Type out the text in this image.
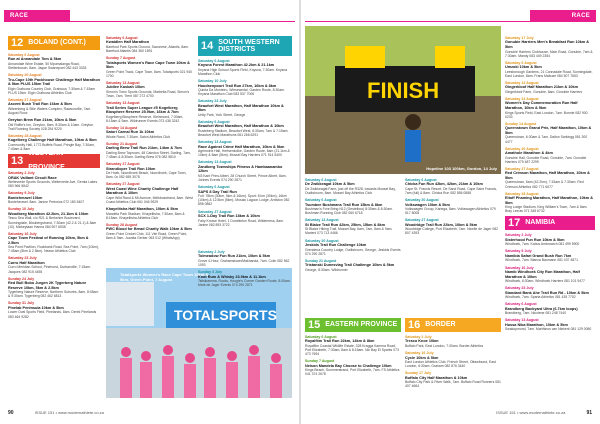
RACE CALENDAR
12 BOLAND (CONT.)
Saturday 6 August
Run at Annandale 7km & 5km
Annandale Wine Estate, 50 Mpumalanga Road, Stellenbosch, 8am. Jaque Swanepoel 082 443 3333
Saturday 20 August
Tru-Cape 10th Packhouse Challenge Half Marathon & 5km PLUS 15km Trail
Elgin Grabouw Country Club, Grabouw, 7:30am & 7:15am PLUS 15km. Elgin Grabouw Athletics Club
Saturday 27 August
Ascent Bush Trail Run 16km & 5km
Witzenberg & Stile Waters Complex, Rawsonville, 7am. August Roux
Greyton Brew Run 21km, 10km & 5km
Old Roffie's Inn, Greyton, 8am, 8:30am & 10am. Greyton Trail Running Society 028 254 9220
Saturday 28 August
Kogelberg Challenge Half Marathon, 10km & 5km
Community Hall, 1772 Buffels Road, Pringle Bay, 7:30am, 7:40am & 8am
13
WESTERN PROVINCE
Saturday 2 July
ORAK Vaillant Circuit Race
Weltevrede Sports Grounds, Weltevrede Ave, Gemia Lakes 083 966 5842
Saturday 9 July
Bonteheuwel 10km
Bonteheuwel: 8am. Janine Pretorius 072 180 5407
Sunday 10 July
Woodberg Marathon 42.2km, 21.1km & 10km
Tesco Sea Wall, c/o R21 & Berkshire Boulevard, Sunningdale, Bloubergstrand, 7:30am (42.2 & 21.1) & 8am (10). Mickeytaan Hanna 084 907 6538
Saturday 16 July
Cape Town Festival of Running 10km, 5km & 2.5km
Sea Point Pavilion, Rockbank Road, Sea Point, 7am (10km), 7:45am (5km & 2.5km). Neave Athletics Club
Saturday 23 July
Curro Half Marathon
Curro Meridian School, Pinehurst, Durbanville, 7:15am. Jacques 082 915 4455
Sunday 24 July
Red Bull Bobo Jurgen 2K Tygerberg Nature Reserve 10km, 5km & 2.5km
Tygerberg Nature Reserve, Northern Suburbs, 8am, 8:45am & 9:30am. Tygerberg 082 462 6813
Sunday 31 July
Pinelab Peninsula 10km & 5km
Lower Oval Sports Field, Pinelands, 8am. Derek Pinelands 083 464 9282
Saturday 6 August
Kwaidlen Half Marathon
Barefoot Park Sports Ground, Saconese, Atlantis, 8am. Barefoot Atlantis 084 360 1891
Sunday 7 August
Totalsports Women's Race Cape Town 10km & 5km
Green Point Track, Cape Town, 8am. Totalsports 021 940 1700
Saturday 13 August
Jubilee Kasbah 10km
Simon's Town Sports Grounds, Marbella Road, Simon's Town, 7am. Trent 087 272 4700
Saturday 13 August
Trail Series Super League #5 Kogelberg Biosphere Reserve 25.9km, 16km & 7km
Kogelberg Biosphere Reserve, Kleinmond, 7:30am, 8:15am & 9am. Wildrunner Events 073 436 3242
Sunday 14 August
Satori Carnal Run 1k 10km
Whale Rand, 7:30am. Satori Athletics Club
Sunday 21 August
Darling Brew Trail Run 21km, 14km & 7km
Darling Brew Taproom, 48 Caledon Street, Darling, 7am, 7:45am & 8:30am. Darling Brew 076 082 5810
Saturday 27 August
Strandloper Trail Run 10km
De Hoek, Noordhoek Beach, Noordhoek, Cape Town, 8am. 0c 082 659 3078
Saturday 27 August
West Coast Wine Charity Challenge Half Marathon & 10km
Cape Wild Rand & Mt Avenue, Melkbosstrand, 8am. West Coast Athletics Club 061 046 9929
Khayelitsha Half Marathon, 10km & 5km
Mandela Park Stadium, Khayelitsha, 7:30am, 8am & 8:15am. Khayelitsha Athletics Club
Sunday 28 August
PWC Blood for Bread Charity Walk 10km & 5km
Green Point Cricket Club, 111 Vlei Road, Green Point, 8am & 9am. Joanita Gerber 063 012 (WhatsApp)
14 SOUTH WESTERN DISTRICTS
Saturday 6 August
Knysna Forest Marathon 42.2km & 21.1km
Knysna High School Sports Field, Knysna, 7:30am. Knysna Marathon Club
Saturday 10 July
Houdsenpoort Trail Run 27km, 16km & 8km
Quinta Da Monteiro, Wiesewedal, Garden Route, 8:30am. Knysna Marathon Club 083 537 7006
Saturday 23 July
Beaufort West Marathon, Half Marathon 10km & 5km
Unity Park, York Street, George
Saturday 6 August
Beaufort West Marathon, Half Marathon & 10km
Rusteberg Stadium, Beaufort West, 6:30am, 7am & 7:15am. Beaufort West Marathons 061 266 6291
Saturday 13 August
Race Against Crime Half Marathon, 10km & 5km
Agrimotrix Hall, Hertsenkolke, Garden Route, 6am (21.1km & 10km) & 8am (5km). Mossel Bay Harriers 071 914 5400
Saturday 13 August
Zandberg Townships Fitness & Hambaanambo 12km
N3 Kant Prins Albert, 28 Church Street, Prince Albert, 8am. Johnes Events 074 290 2871
Saturday 6 August
SAPS 8 Day Trail Run
Full: 78km (30km, 5km & 16km). Sport: 8 km (30km), 16km (10km) & 12.5km (5km). Mosaic Lagoon Lodge, Arniston 082 898 0862
Saturday 27 August
SCX 1-Day Trail Run 18km & 10km
Fairy Knowe Hotel, 1 Dumbleton Road, Wilderness, 8am. Janine 082 893 3722
TOTALSPORTS
Totalsports Women's Race Cape Town 10km & 5km, Green Point, 7 August
Saturday 2 July
Tolmeadow Fun Run 21km, 10km & 5km
Grove 4-Hour, Grahamstown/Makhanda, 7am. Colin 082 562 1093
Sunday 3 July
Knot Rum & Whisky 23.9km & 11.1km
Tsitsikamma, Rocks, Hoogie's Corner Garden Route, 8:30am. Mark de Jager Events 074 290 2871
90	ISSUE 151 • www.modernathlete.co.za
RACE CALENDAR
FINISH
Hopeline 103 100km, Gordon, 14 July
Saturday 6 August
De Zwikkeagat 10km & 5km
De Zwikkeagat Farm, just off the R328, towards Mossel Bay, Oudtshoorn, 8am. Mossel Bay Athletics Club
Saturday 6 August
Tsumbee Bushmans Trail Run 15km & 8km
Bushman's Fore Bring N12 (Gestelboo) 8:30am & 8:30am. Bushman Running Club 082 060 6718
Saturday 13 August
St Blaize Trail Run 42km, 25km, 15km & 8km
St Blaize Hiking Trail, Mossel Bay, 6am, 7am, 8am & 9am. Marieni 073 713 4466
Saturday 20 August
Jeskids Trail Run Challenge 10km
Grendena Country Lodge, Oudtshoorn, George, Jeskids Events 074 290 2871
Sunday 21 August
Tristanski Dunesvlag Trail Challenge 10km & 5km
George, 8:30am. Wildrunner
Saturday 6 August
Chicka Fun Run 42km, 42km, 21km & 10km
Cape St. Francis Resort, De Sand Road, Cape Saint Francis, 7am (full) & 8am. Chicka Run 082 856 0888
Saturday 20 August
Volkswagen 10km & 5km
Volkswagen Group, Kariega, 8am. Volkswagen Athletics 079 517 8008
Saturday 27 August
Woodridge Trail Run 22km, 10km & 5km
Woodridge College, Port Elizabeth, 7am. Nicelle de Jager 082 807 4393
15 EASTERN PROVINCE
Saturday 6 August
Royalfiim Trail Run 22km, 14km & 8km
Royalfiim Coastal Wildlife Estate, 328 Kragga Kamma Road, Port Elizabeth, 7:30am, 8am & 8:15am. Nic Bay El Sparks 073 473 7694
Sunday 7 August
Nelson Mandela Bay Choose to Challenge 10km
Kings Beach, Summerstrand, Port Elizabeth, 7am. FS Athletics 041 374 2678
16 BORDER
Saturday 2 July
Tresco Knoe 10km
Buffalo Park, East London, 7:30am. Border Athletics
Saturday 16 July
Cycle 10km & 5km
East London Athletics Club, French Street, Ottawfound, East London, 6:30am. Graham 082 876 3440
Sunday 17 July
Buffalo City Half Marathon & 10km
Buffalo City Park & River Walk, 7am. Buffalo Road Runners 081 407 4664
Saturday 17 July
Gonubie Harriers Men's Breakfast Run 10km & 5km
Gonubie Harriers Clubhouse, Main Road, Gonubie, 7am & 7:30am. Mandy 083 449 2354
Saturday 6 August
Umzoki 10km & 5km
Leesborough Gardens, 21 Connadale Road, Sunningdale, East London, 8am. Frans Mabuze 084 507 7653
Saturday 13 August
Gingerkloof Half Marathon 21km & 10km
Gingerkloof Farm, Gonubie, 8am. Gonubie Harriers
Saturday 13 August
Women's Day Commemoration Run Half Marathon, 10km & 5km
Kings Sports Field, East London, 7am. Bonnie 082 900 0233
Sunday 14 August
Queenstown Grand Prix, Half Marathon, 10km & 5km
Queenstown, 6:30am & 7am. Dalton Sarkingg 081 300 4477
Saturday 20 August
Amathole Marathon & 4km
Gonubie Hall, Gonubie Road, Gonubie, 7am. Gonubie Harriers 079 487 2299
Saturday 27 August
Red Crimson Marathon, Half Marathon, 10km & 5km
Queenstown, 6am (42.2km), 7:15am & 7:30am. Red Crimson Athletics 082 771 6077
Saturday 28 August
Eltoff Phaming Marathon, Half Marathon, 10km & 5km
King Lodge Stadium, King William's Town, 7am & 8am. Bray Leeuw 071 345 6732
17 NAMIBIA
Saturday 2 July
Sisterhood Fun Run 10km & 5km
Windhoek, 7am. Kobus Ambrowich 081 499 5900
Saturday 9 July
Namibia Safari Grand Bush Run 7km
Windhoek, 7am. Bianca Baumann 081 437 4871
Saturday 16 July
Namib Windhoek City Run Marathon, Half Marathon & 10km
Windhoek, 6:30am. Windhoek Harriers 081 101 9477
Saturday 23 July
Standard Bank Ahe Trail Run Rd - 10km & 5km
Windhoek, 7am. Sparta Athletics 081 435 7702
Saturday 6 August
Brandberg Backyard Ultra (6.7km loops)
Brandberg, 7am. Nicolene 081 248 7440
Saturday 13 August
Hussa Nika Marathon, 10km & 5km
Swakopmund, 7am. Marthinus van Niekerk 081 129 0080
ISSUE 151 • www.modernathlete.co.za	91
